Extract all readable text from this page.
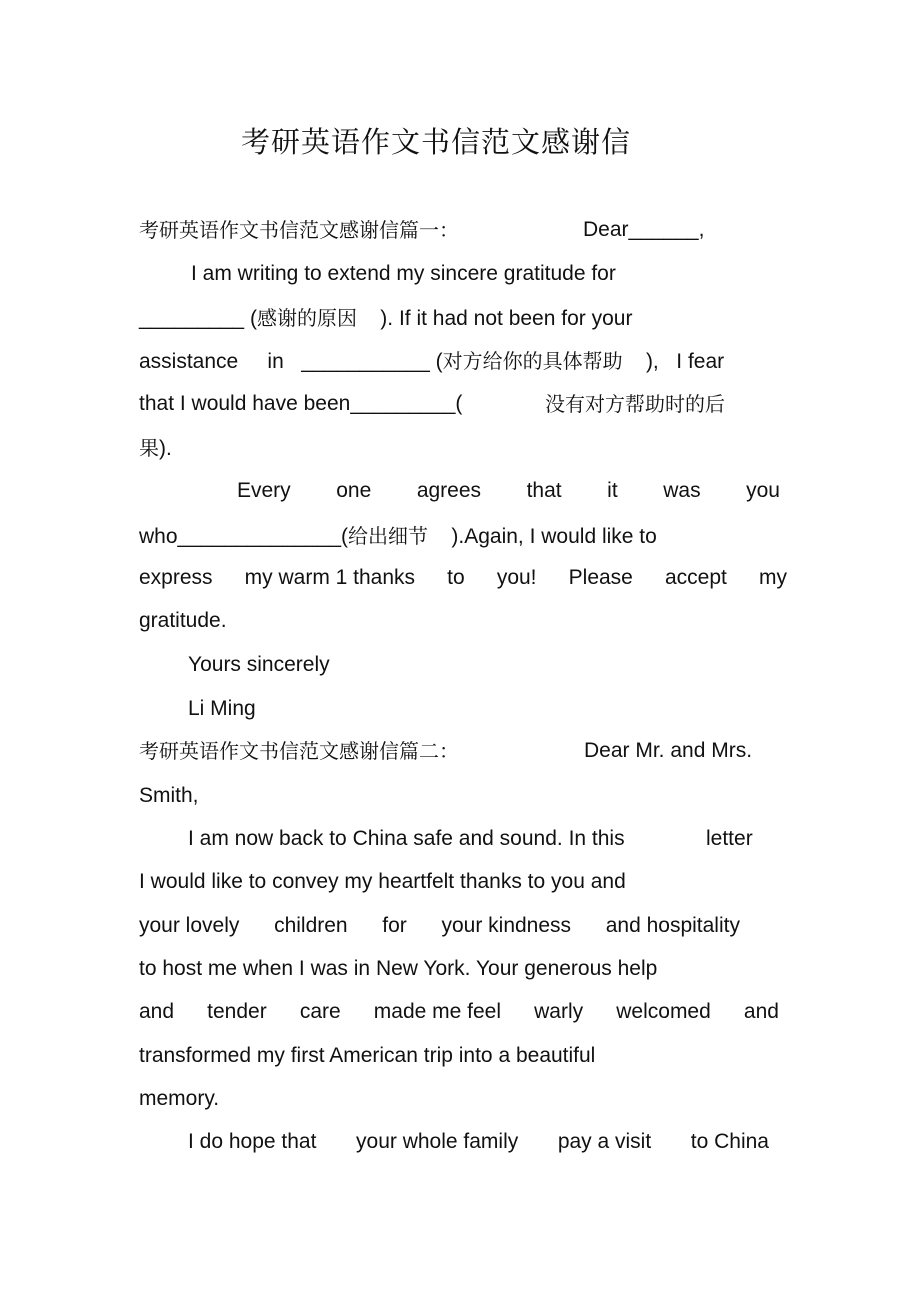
考研英语作文书信范文感谢信
考研英语作文书信范文感谢信篇一：	Dear______,
I am writing to extend my sincere gratitude for
_________ (感谢的原因 ). If it had not been for your
assistance in ___________ (对方给你的具体帮助 ), I fear
that I would have been_________(	没有对方帮助时的后
果).
Every one agrees that it was you
who______________(给出细节 ).Again, I would like to
express my warm 1 thanks to you! Please accept my
gratitude.
Yours sincerely
Li Ming
考研英语作文书信范文感谢信篇二：	Dear Mr. and Mrs.
Smith,
I am now back to China safe and sound. In this	letter
I would like to convey my heartfelt thanks to you and
your lovely children for your kindness and hospitality
to host me when I was in New York. Your generous help
and tender care made me feel warly welcomed and
transformed my first American trip into a beautiful
memory.
I do hope that your whole family pay a visit to China
